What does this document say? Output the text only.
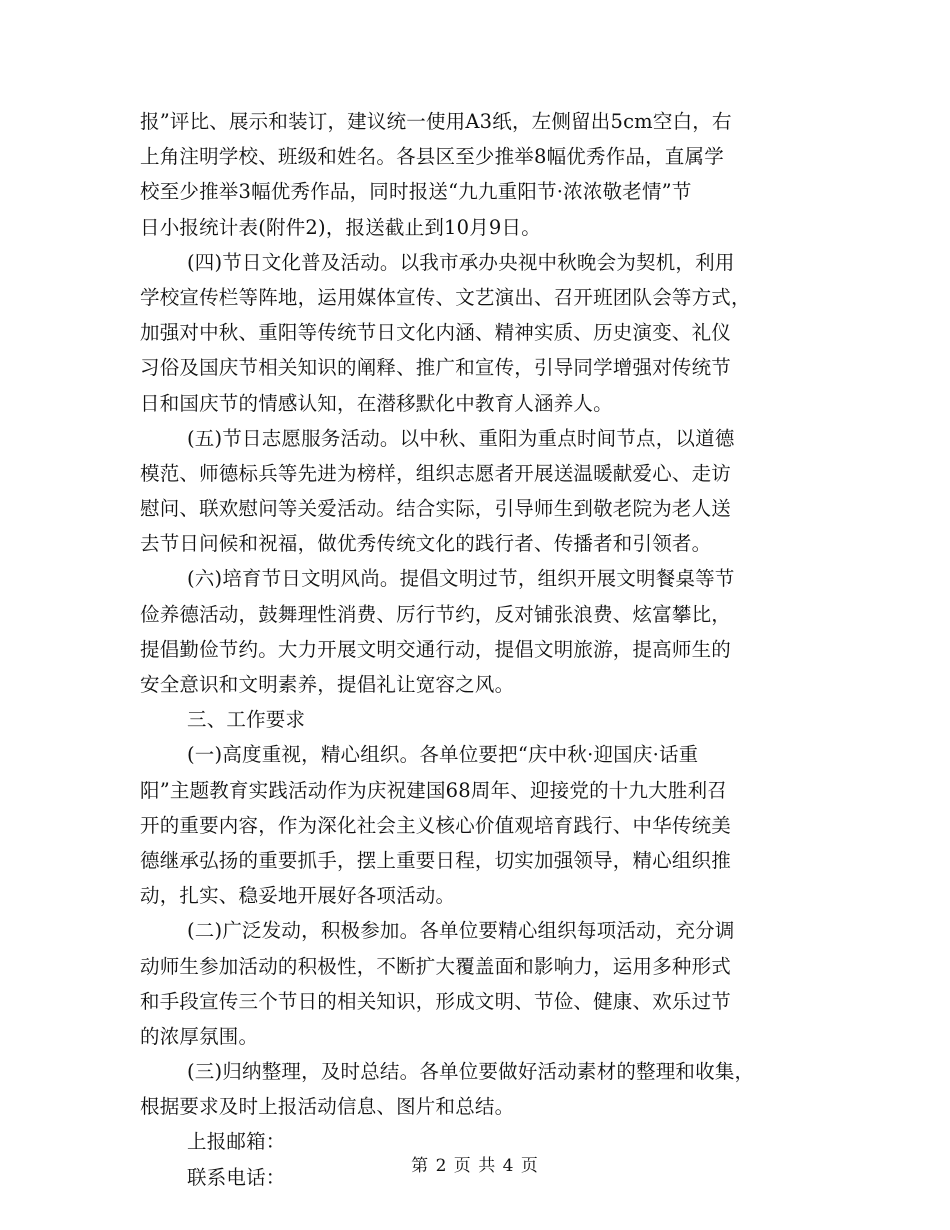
报”评比、展示和装订，建议统一使用A3纸，左侧留出5cm空白，右
上角注明学校、班级和姓名。各县区至少推举8幅优秀作品，直属学
校至少推举3幅优秀作品，同时报送“九九重阳节·浓浓敬老情”节
日小报统计表(附件2)，报送截止到10月9日。
(四)节日文化普及活动。以我市承办央视中秋晚会为契机，利用
学校宣传栏等阵地，运用媒体宣传、文艺演出、召开班团队会等方式，
加强对中秋、重阳等传统节日文化内涵、精神实质、历史演变、礼仪
习俗及国庆节相关知识的阐释、推广和宣传，引导同学增强对传统节
日和国庆节的情感认知，在潜移默化中教育人涵养人。
(五)节日志愿服务活动。以中秋、重阳为重点时间节点，以道德
模范、师德标兵等先进为榜样，组织志愿者开展送温暖献爱心、走访
慰问、联欢慰问等关爱活动。结合实际，引导师生到敬老院为老人送
去节日问候和祝福，做优秀传统文化的践行者、传播者和引领者。
(六)培育节日文明风尚。提倡文明过节，组织开展文明餐桌等节
俭养德活动，鼓舞理性消费、厉行节约，反对铺张浪费、炫富攀比，
提倡勤俭节约。大力开展文明交通行动，提倡文明旅游，提高师生的
安全意识和文明素养，提倡礼让宽容之风。
三、工作要求
(一)高度重视，精心组织。各单位要把“庆中秋·迎国庆·话重
阳”主题教育实践活动作为庆祝建国68周年、迎接党的十九大胜利召
开的重要内容，作为深化社会主义核心价值观培育践行、中华传统美
德继承弘扬的重要抓手，摆上重要日程，切实加强领导，精心组织推
动，扎实、稳妥地开展好各项活动。
(二)广泛发动，积极参加。各单位要精心组织每项活动，充分调
动师生参加活动的积极性，不断扩大覆盖面和影响力，运用多种形式
和手段宣传三个节日的相关知识，形成文明、节俭、健康、欢乐过节
的浓厚氛围。
(三)归纳整理，及时总结。各单位要做好活动素材的整理和收集，
根据要求及时上报活动信息、图片和总结。
上报邮箱：
联系电话：	第 2 页 共 4 页
